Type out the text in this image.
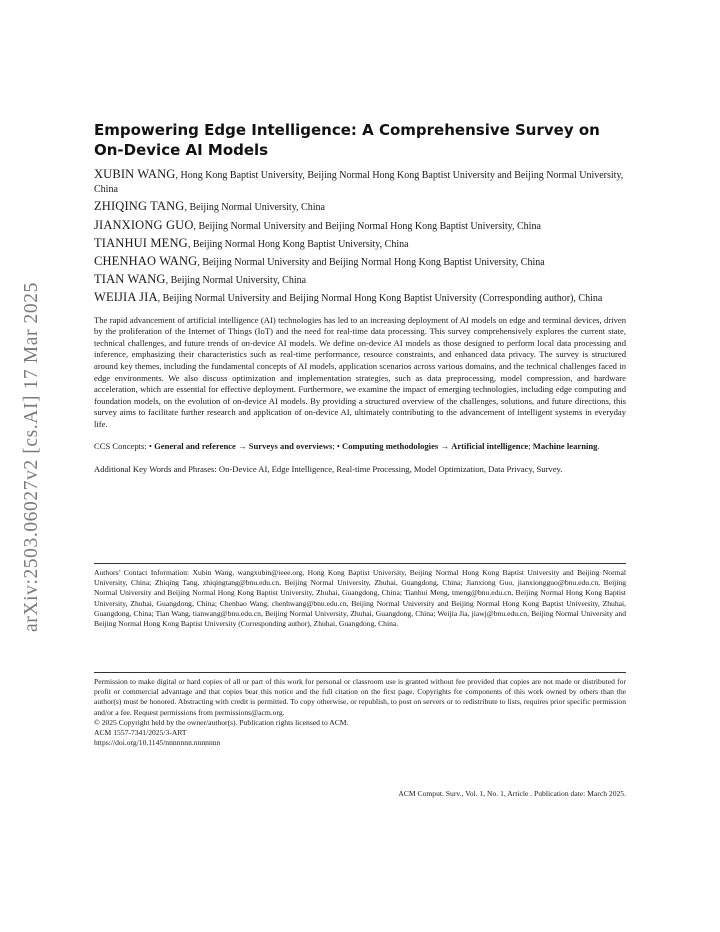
arXiv:2503.06027v2 [cs.AI] 17 Mar 2025
Empowering Edge Intelligence: A Comprehensive Survey on
On-Device AI Models

XUBIN WANG, Hong Kong Baptist University, Beijing Normal Hong Kong Baptist University and Beijing Normal University, China

ZHIQING TANG, Beijing Normal University, China

JIANXIONG GUO, Beijing Normal University and Beijing Normal Hong Kong Baptist University, China

TIANHUI MENG, Beijing Normal Hong Kong Baptist University, China

CHENHAO WANG, Beijing Normal University and Beijing Normal Hong Kong Baptist University, China

TIAN WANG, Beijing Normal University, China

WEIJIA JIA, Beijing Normal University and Beijing Normal Hong Kong Baptist University (Corresponding author), China

The rapid advancement of artificial intelligence (AI) technologies has led to an increasing deployment of AI models on edge and terminal devices, driven by the proliferation of the Internet of Things (IoT) and the need for real-time data processing. This survey comprehensively explores the current state, technical challenges, and future trends of on-device AI models. We define on-device AI models as those designed to perform local data processing and inference, emphasizing their characteristics such as real-time performance, resource constraints, and enhanced data privacy. The survey is structured around key themes, including the fundamental concepts of AI models, application scenarios across various domains, and the technical challenges faced in edge environments. We also discuss optimization and implementation strategies, such as data preprocessing, model compression, and hardware acceleration, which are essential for effective deployment. Furthermore, we examine the impact of emerging technologies, including edge computing and foundation models, on the evolution of on-device AI models. By providing a structured overview of the challenges, solutions, and future directions, this survey aims to facilitate further research and application of on-device AI, ultimately contributing to the advancement of intelligent systems in everyday life.

CCS Concepts: • General and reference → Surveys and overviews; • Computing methodologies → Artificial intelligence; Machine learning.

Additional Key Words and Phrases: On-Device AI, Edge Intelligence, Real-time Processing, Model Optimization, Data Privacy, Survey.

Authors’ Contact Information: Xubin Wang, wangxubin@ieee.org, Hong Kong Baptist University, Beijing Normal Hong Kong Baptist University and Beijing Normal University, China; Zhiqing Tang, zhiqingtang@bnu.edu.cn, Beijing Normal University, Zhuhai, Guangdong, China; Jianxiong Guo, jianxiongguo@bnu.edu.cn, Beijing Normal University and Beijing Normal Hong Kong Baptist University, Zhuhai, Guangdong, China; Tianhui Meng, tmeng@bnu.edu.cn, Beijing Normal Hong Kong Baptist University, Zhuhai, Guangdong, China; Chenhao Wang, chenhwang@bnu.edu.cn, Beijing Normal University and Beijing Normal Hong Kong Baptist University, Zhuhai, Guangdong, China; Tian Wang, tianwang@bnu.edu.cn, Beijing Normal University, Zhuhai, Guangdong, China; Weijia Jia, jiawj@bnu.edu.cn, Beijing Normal University and Beijing Normal Hong Kong Baptist University (Corresponding author), Zhuhai, Guangdong, China.

Permission to make digital or hard copies of all or part of this work for personal or classroom use is granted without fee provided that copies are not made or distributed for profit or commercial advantage and that copies bear this notice and the full citation on the first page. Copyrights for components of this work owned by others than the author(s) must be honored. Abstracting with credit is permitted. To copy otherwise, or republish, to post on servers or to redistribute to lists, requires prior specific permission and/or a fee. Request permissions from permissions@acm.org.

© 2025 Copyright held by the owner/author(s). Publication rights licensed to ACM.
ACM 1557-7341/2025/3-ART
https://doi.org/10.1145/nnnnnnn.nnnnnnn
ACM Comput. Surv., Vol. 1, No. 1, Article . Publication date: March 2025.
